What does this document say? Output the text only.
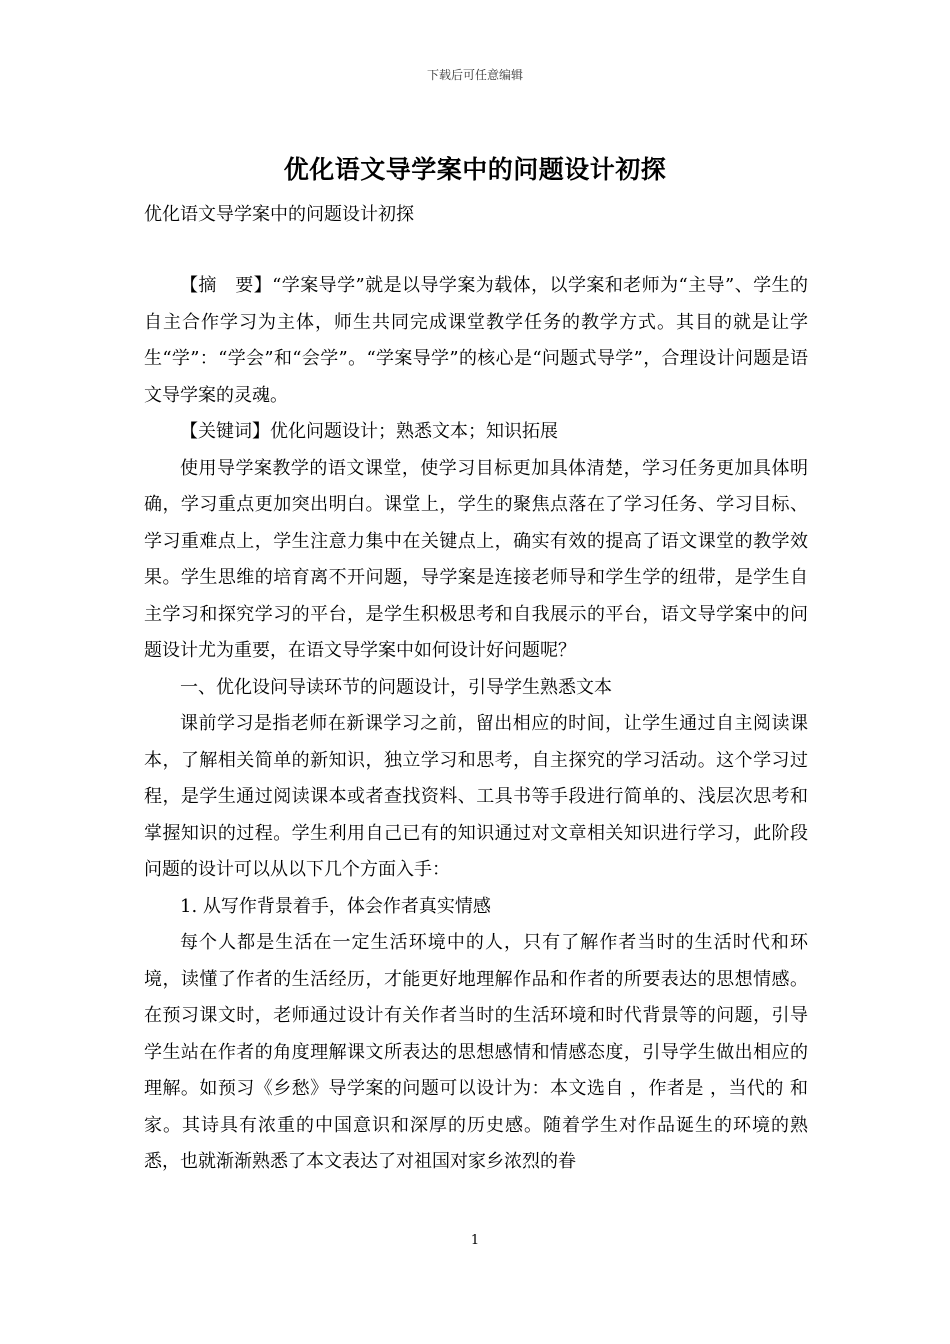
下载后可任意编辑
优化语文导学案中的问题设计初探
优化语文导学案中的问题设计初探

【摘　要】“学案导学”就是以导学案为载体，以学案和老师为“主导”、学生的自主合作学习为主体，师生共同完成课堂教学任务的教学方式。其目的就是让学生“学”：“学会”和“会学”。“学案导学”的核心是“问题式导学”，合理设计问题是语文导学案的灵魂。

【关键词】优化问题设计；熟悉文本；知识拓展

使用导学案教学的语文课堂，使学习目标更加具体清楚，学习任务更加具体明确，学习重点更加突出明白。课堂上，学生的聚焦点落在了学习任务、学习目标、学习重难点上，学生注意力集中在关键点上，确实有效的提高了语文课堂的教学效果。学生思维的培育离不开问题，导学案是连接老师导和学生学的纽带，是学生自主学习和探究学习的平台，是学生积极思考和自我展示的平台，语文导学案中的问题设计尤为重要，在语文导学案中如何设计好问题呢？

一、优化设问导读环节的问题设计，引导学生熟悉文本

课前学习是指老师在新课学习之前，留出相应的时间，让学生通过自主阅读课本，了解相关简单的新知识，独立学习和思考，自主探究的学习活动。这个学习过程，是学生通过阅读课本或者查找资料、工具书等手段进行简单的、浅层次思考和掌握知识的过程。学生利用自己已有的知识通过对文章相关知识进行学习，此阶段问题的设计可以从以下几个方面入手：

1. 从写作背景着手，体会作者真实情感

每个人都是生活在一定生活环境中的人，只有了解作者当时的生活时代和环境，读懂了作者的生活经历，才能更好地理解作品和作者的所要表达的思想情感。在预习课文时，老师通过设计有关作者当时的生活环境和时代背景等的问题，引导学生站在作者的角度理解课文所表达的思想感情和情感态度，引导学生做出相应的理解。如预习《乡愁》导学案的问题可以设计为：本文选自 ，作者是 ，当代的 和 家。其诗具有浓重的中国意识和深厚的历史感。随着学生对作品诞生的环境的熟悉，也就渐渐熟悉了本文表达了对祖国对家乡浓烈的眷

1
